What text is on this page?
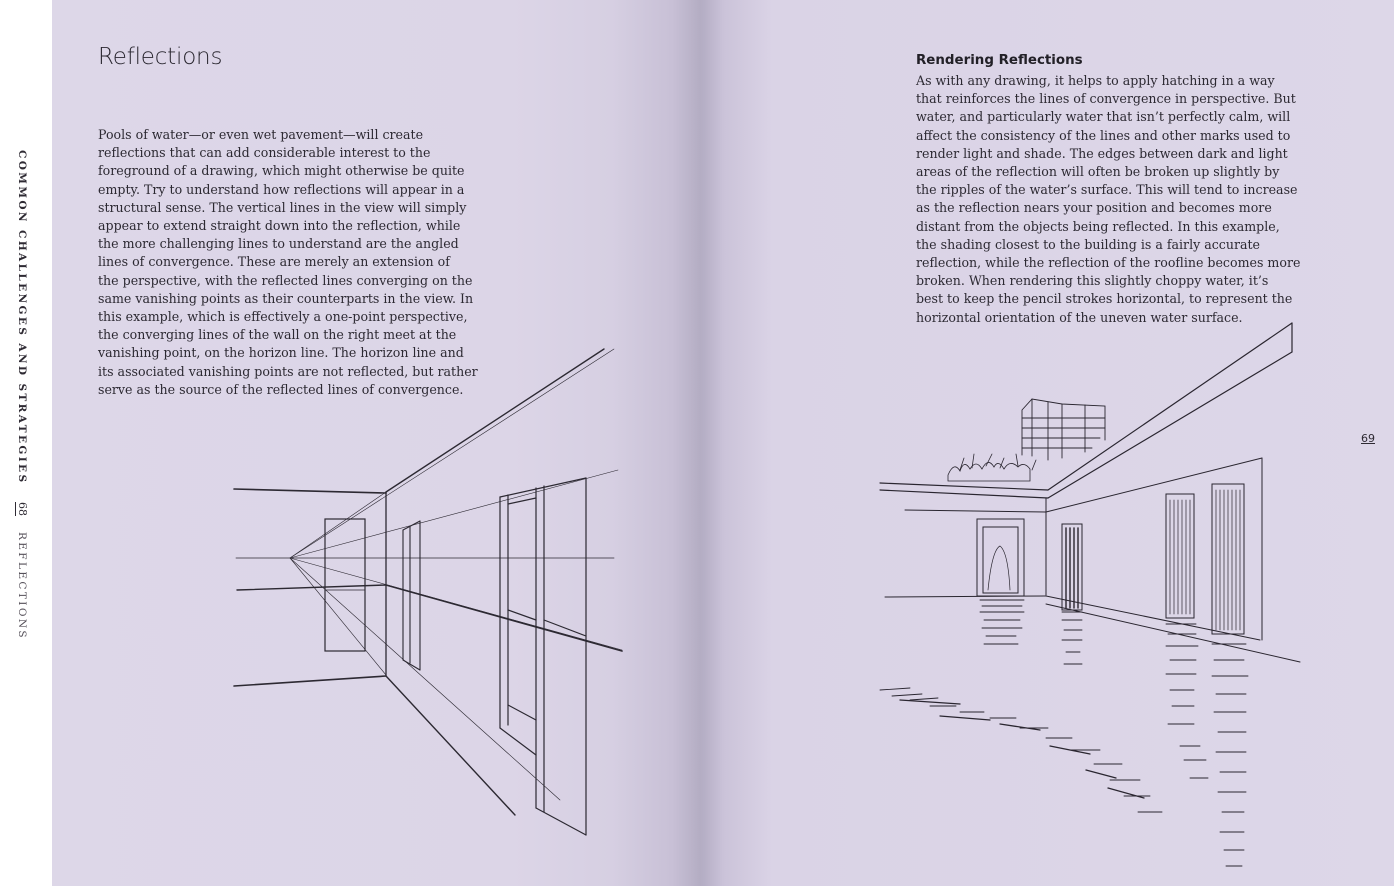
COMMON CHALLENGES AND STRATEGIES 68 REFLECTIONS
Reflections

Pools of water—or even wet pavement—will create
reflections that can add considerable interest to the
foreground of a drawing, which might otherwise be quite
empty. Try to understand how reflections will appear in a
structural sense. The vertical lines in the view will simply
appear to extend straight down into the reflection, while
the more challenging lines to understand are the angled
lines of convergence. These are merely an extension of
the perspective, with the reflected lines converging on the
same vanishing points as their counterparts in the view. In
this example, which is effectively a one-point perspective,
the converging lines of the wall on the right meet at the
vanishing point, on the horizon line. The horizon line and
its associated vanishing points are not reflected, but rather
serve as the source of the reflected lines of convergence.

Rendering Reflections

As with any drawing, it helps to apply hatching in a way
that reinforces the lines of convergence in perspective. But
water, and particularly water that isn’t perfectly calm, will
affect the consistency of the lines and other marks used to
render light and shade. The edges between dark and light
areas of the reflection will often be broken up slightly by
the ripples of the water’s surface. This will tend to increase
as the reflection nears your position and becomes more
distant from the objects being reflected. In this example,
the shading closest to the building is a fairly accurate
reflection, while the reflection of the roofline becomes more
broken. When rendering this slightly choppy water, it’s
best to keep the pencil strokes horizontal, to represent the
horizontal orientation of the uneven water surface.

69
